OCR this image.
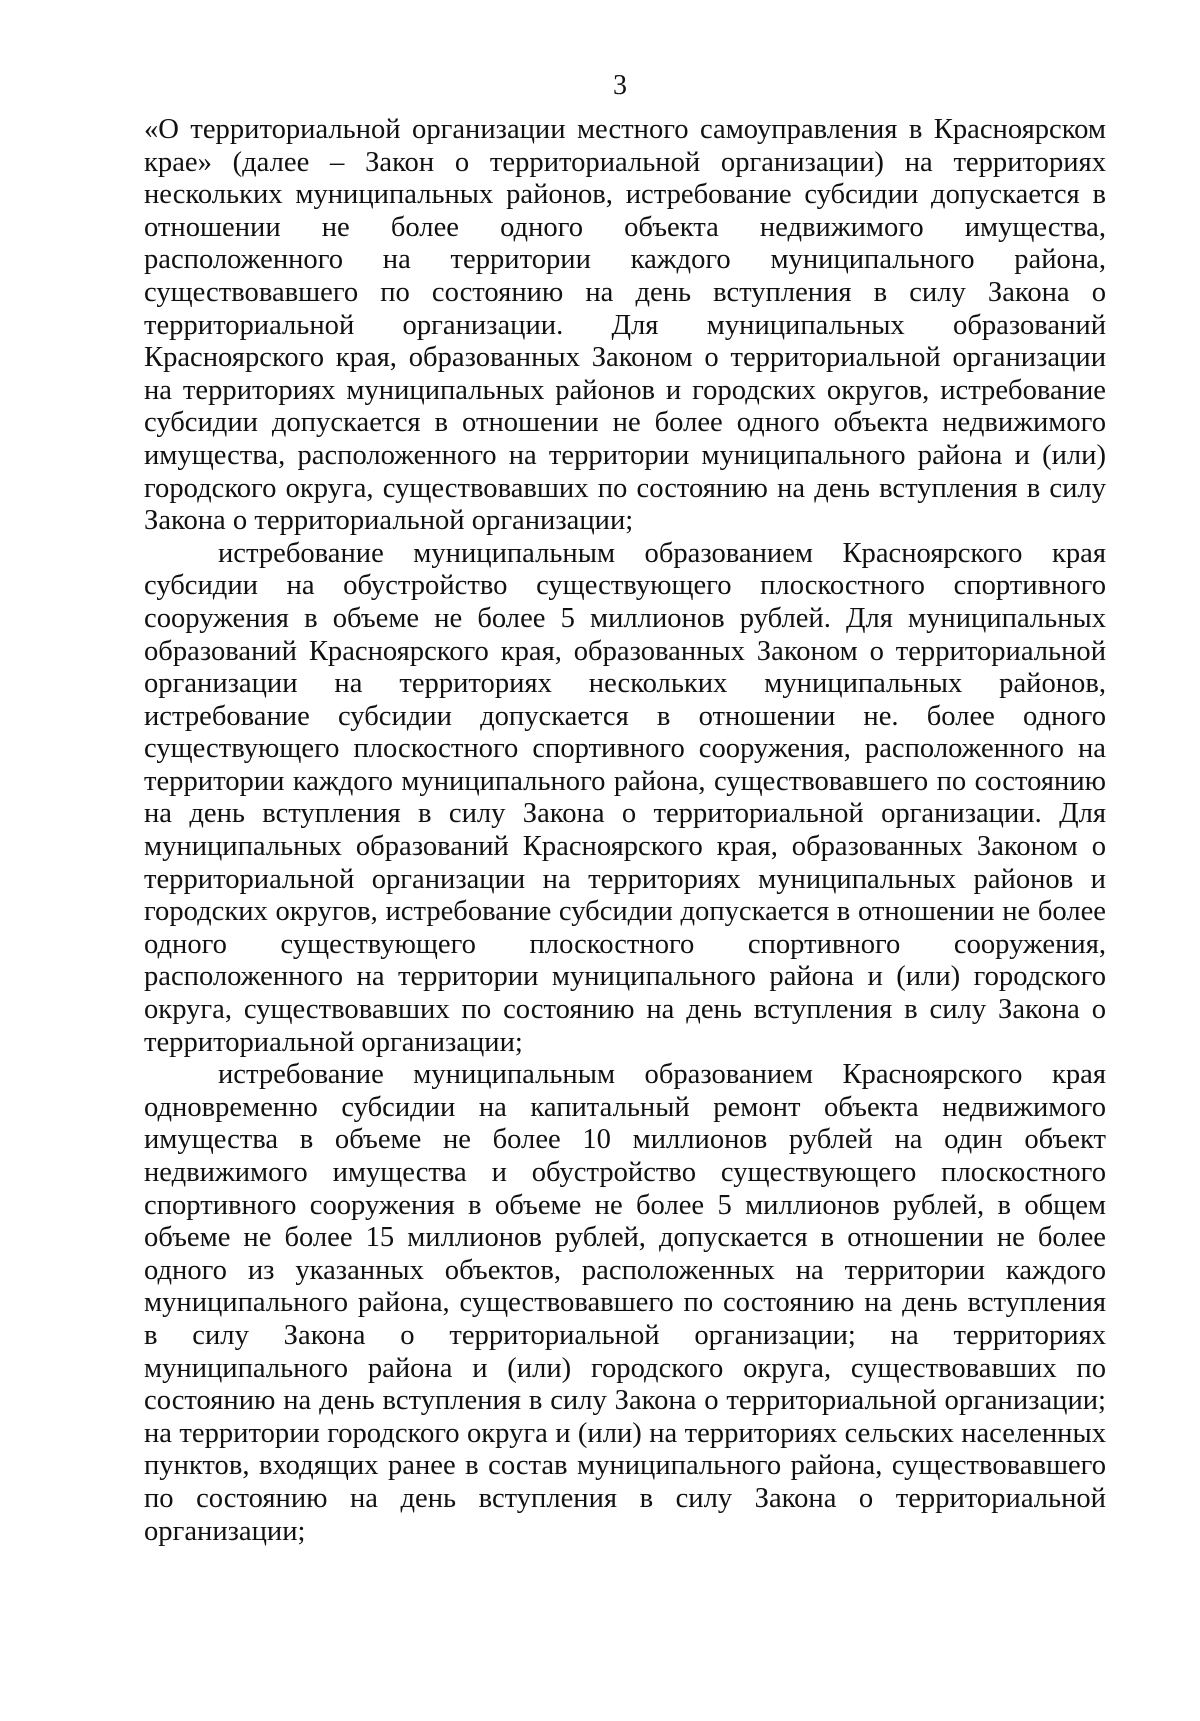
3

«О территориальной организации местного самоуправления в Красноярском крае» (далее – Закон о территориальной организации) на территориях нескольких муниципальных районов, истребование субсидии допускается в отношении не более одного объекта недвижимого имущества, расположенного на территории каждого муниципального района, существовавшего по состоянию на день вступления в силу Закона о территориальной организации. Для муниципальных образований Красноярского края, образованных Законом о территориальной организации на территориях муниципальных районов и городских округов, истребование субсидии допускается в отношении не более одного объекта недвижимого имущества, расположенного на территории муниципального района и (или) городского округа, существовавших по состоянию на день вступления в силу Закона о территориальной организации;

истребование муниципальным образованием Красноярского края субсидии на обустройство существующего плоскостного спортивного сооружения в объеме не более 5 миллионов рублей. Для муниципальных образований Красноярского края, образованных Законом о территориальной организации на территориях нескольких муниципальных районов, истребование субсидии допускается в отношении не. более одного существующего плоскостного спортивного сооружения, расположенного на территории каждого муниципального района, существовавшего по состоянию на день вступления в силу Закона о территориальной организации. Для муниципальных образований Красноярского края, образованных Законом о территориальной организации на территориях муниципальных районов и городских округов, истребование субсидии допускается в отношении не более одного существующего плоскостного спортивного сооружения, расположенного на территории муниципального района и (или) городского округа, существовавших по состоянию на день вступления в силу Закона о территориальной организации;

истребование муниципальным образованием Красноярского края одновременно субсидии на капитальный ремонт объекта недвижимого имущества в объеме не более 10 миллионов рублей на один объект недвижимого имущества и обустройство существующего плоскостного спортивного сооружения в объеме не более 5 миллионов рублей, в общем объеме не более 15 миллионов рублей, допускается в отношении не более одного из указанных объектов, расположенных на территории каждого муниципального района, существовавшего по состоянию на день вступления в силу Закона о территориальной организации; на территориях муниципального района и (или) городского округа, существовавших по состоянию на день вступления в силу Закона о территориальной организации; на территории городского округа и (или) на территориях сельских населенных пунктов, входящих ранее в состав муниципального района, существовавшего по состоянию на день вступления в силу Закона о территориальной организации;
